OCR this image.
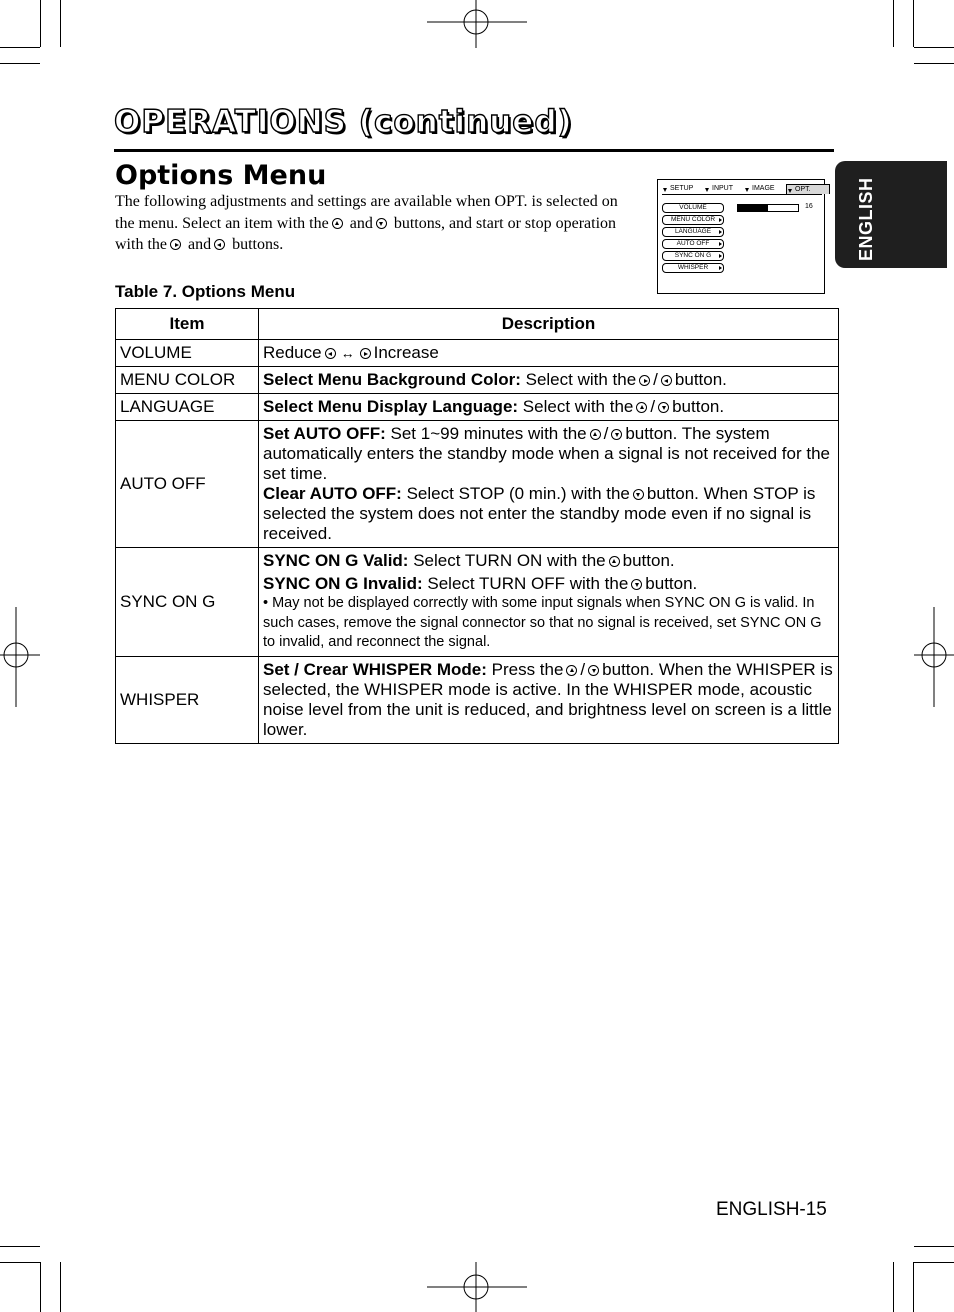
OPERATIONS (continued)
Options Menu
The following adjustments and settings are available when OPT. is selected on the menu. Select an item with the and buttons, and start or stop operation with the and buttons.	ENGLISH
SETUP	INPUT	IMAGE	OPT.
VOLUME
MENU COLOR
LANGUAGE
AUTO OFF
SYNC ON G
WHISPER
16
Table 7. Options Menu
Item	Description
VOLUME	Reduce ↔ Increase
MENU COLOR	Select Menu Background Color: Select with the / button.
LANGUAGE	Select Menu Display Language: Select with the / button.
AUTO OFF	Set AUTO OFF: Set 1~99 minutes with the / button. The system automatically enters the standby mode when a signal is not received for the set time.
Clear AUTO OFF: Select STOP (0 min.) with the button. When STOP is selected the system does not enter the standby mode even if no signal is received.

SYNC ON G	SYNC ON G Valid: Select TURN ON with the button.
SYNC ON G Invalid: Select TURN OFF with the button.
• May not be displayed correctly with some input signals when SYNC ON G is valid. In such cases, remove the signal connector so that no signal is received, set SYNC ON G to invalid, and reconnect the signal.

WHISPER	Set / Crear WHISPER Mode: Press the / button. When the WHISPER is selected, the WHISPER mode is active. In the WHISPER mode, acoustic noise level from the unit is reduced, and brightness level on screen is a little lower.
ENGLISH-15
